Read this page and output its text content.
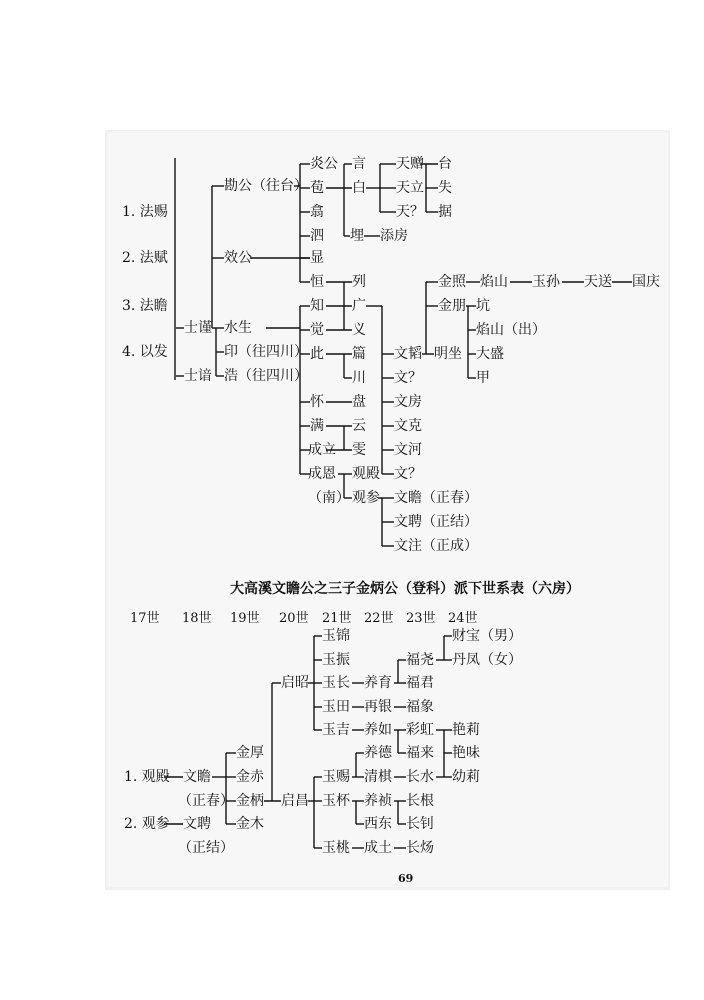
1. 法赐
2. 法赋
3. 法瞻
4. 以发
士谨
士谙
勘公（往台）
效公
水生
印（往四川）
浩（往四川）
炎公
苞
翕
泗
显
恒
知
觉
此
怀
满
成立
成恩
（南）
言
白
埋
列
广
义
篇
川
盘
云
雯
观殿
观参
天赠
天立
天？
添房
文韬
文？
文房
文克
文河
文？
文瞻（正春）
文聘（正结）
文注（正成）
台
失
据
金照
金朋
明坐
焰山 玉孙 天送 国庆
坑
焰山（出）
大盛
甲
大高溪文瞻公之三子金炳公（登科）派下世系表（六房）
17世 18世 19世 20世 21世 22世 23世 24世
1. 观殿
2. 观参
文瞻
（正春）
文聘
（正结）
金厚
金赤
金柄
金木
启昭
启昌
玉锦
玉振
玉长
玉田
玉吉
玉赐
玉杯
玉桃
养育
再银
养如
养德
清棋
养祯
西东
成土
福尧
福君
福象
彩虹
福来
长水
长根
长钊
长炀
财宝（男）
丹凤（女）
艳莉
艳味
幼莉
69
